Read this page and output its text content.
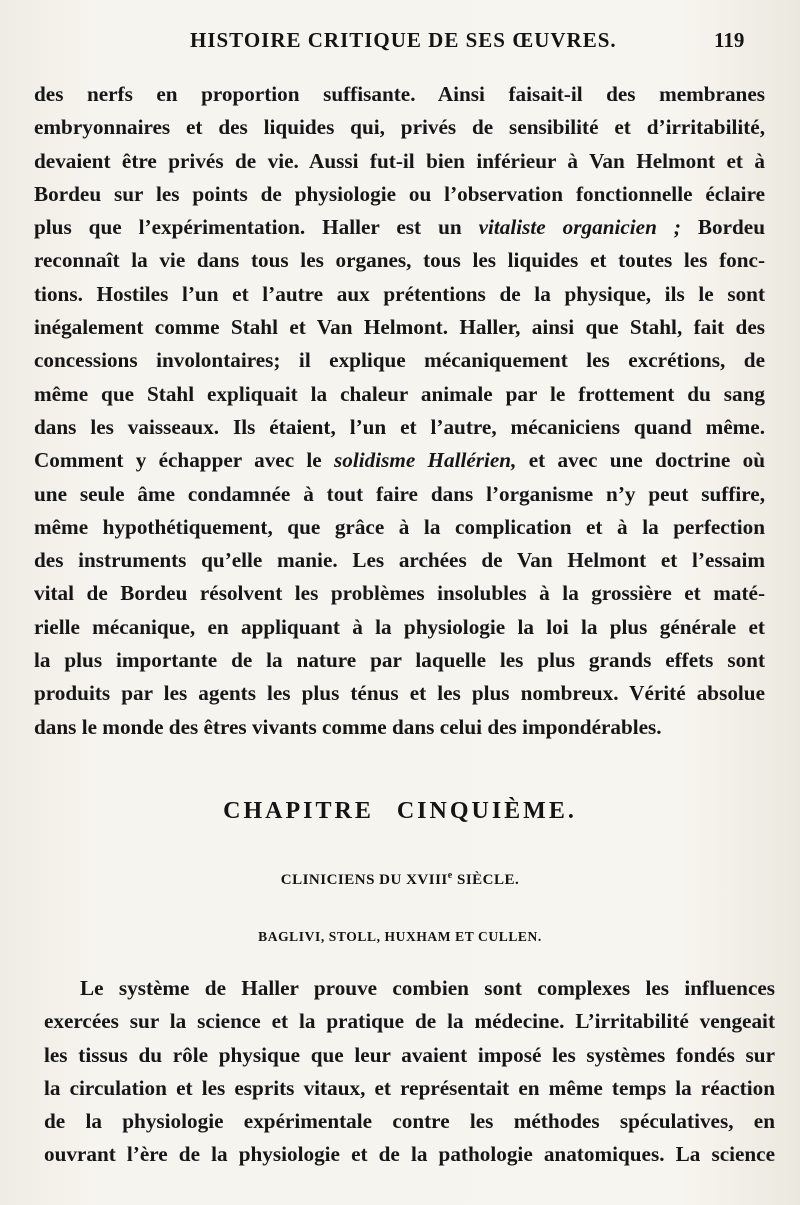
HISTOIRE CRITIQUE DE SES ŒUVRES.	119
des nerfs en proportion suffisante. Ainsi faisait-il des membranes
embryonnaires et des liquides qui, privés de sensibilité et d’irritabilité,
devaient être privés de vie. Aussi fut-il bien inférieur à Van Helmont et à
Bordeu sur les points de physiologie ou l’observation fonctionnelle éclaire
plus que l’expérimentation. Haller est un vitaliste organicien ; Bordeu
reconnaît la vie dans tous les organes, tous les liquides et toutes les fonc-
tions. Hostiles l’un et l’autre aux prétentions de la physique, ils le sont
inégalement comme Stahl et Van Helmont. Haller, ainsi que Stahl, fait des
concessions involontaires; il explique mécaniquement les excrétions, de
même que Stahl expliquait la chaleur animale par le frottement du sang
dans les vaisseaux. Ils étaient, l’un et l’autre, mécaniciens quand même.
Comment y échapper avec le solidisme Hallérien, et avec une doctrine où
une seule âme condamnée à tout faire dans l’organisme n’y peut suffire,
même hypothétiquement, que grâce à la complication et à la perfection
des instruments qu’elle manie. Les archées de Van Helmont et l’essaim
vital de Bordeu résolvent les problèmes insolubles à la grossière et maté-
rielle mécanique, en appliquant à la physiologie la loi la plus générale et
la plus importante de la nature par laquelle les plus grands effets sont
produits par les agents les plus ténus et les plus nombreux. Vérité absolue
dans le monde des êtres vivants comme dans celui des impondérables.
CHAPITRE CINQUIÈME.
CLINICIENS DU XVIIIe SIÈCLE.
BAGLIVI, STOLL, HUXHAM ET CULLEN.
Le système de Haller prouve combien sont complexes les influences
exercées sur la science et la pratique de la médecine. L’irritabilité vengeait
les tissus du rôle physique que leur avaient imposé les systèmes fondés sur
la circulation et les esprits vitaux, et représentait en même temps la réaction
de la physiologie expérimentale contre les méthodes spéculatives, en
ouvrant l’ère de la physiologie et de la pathologie anatomiques. La science
